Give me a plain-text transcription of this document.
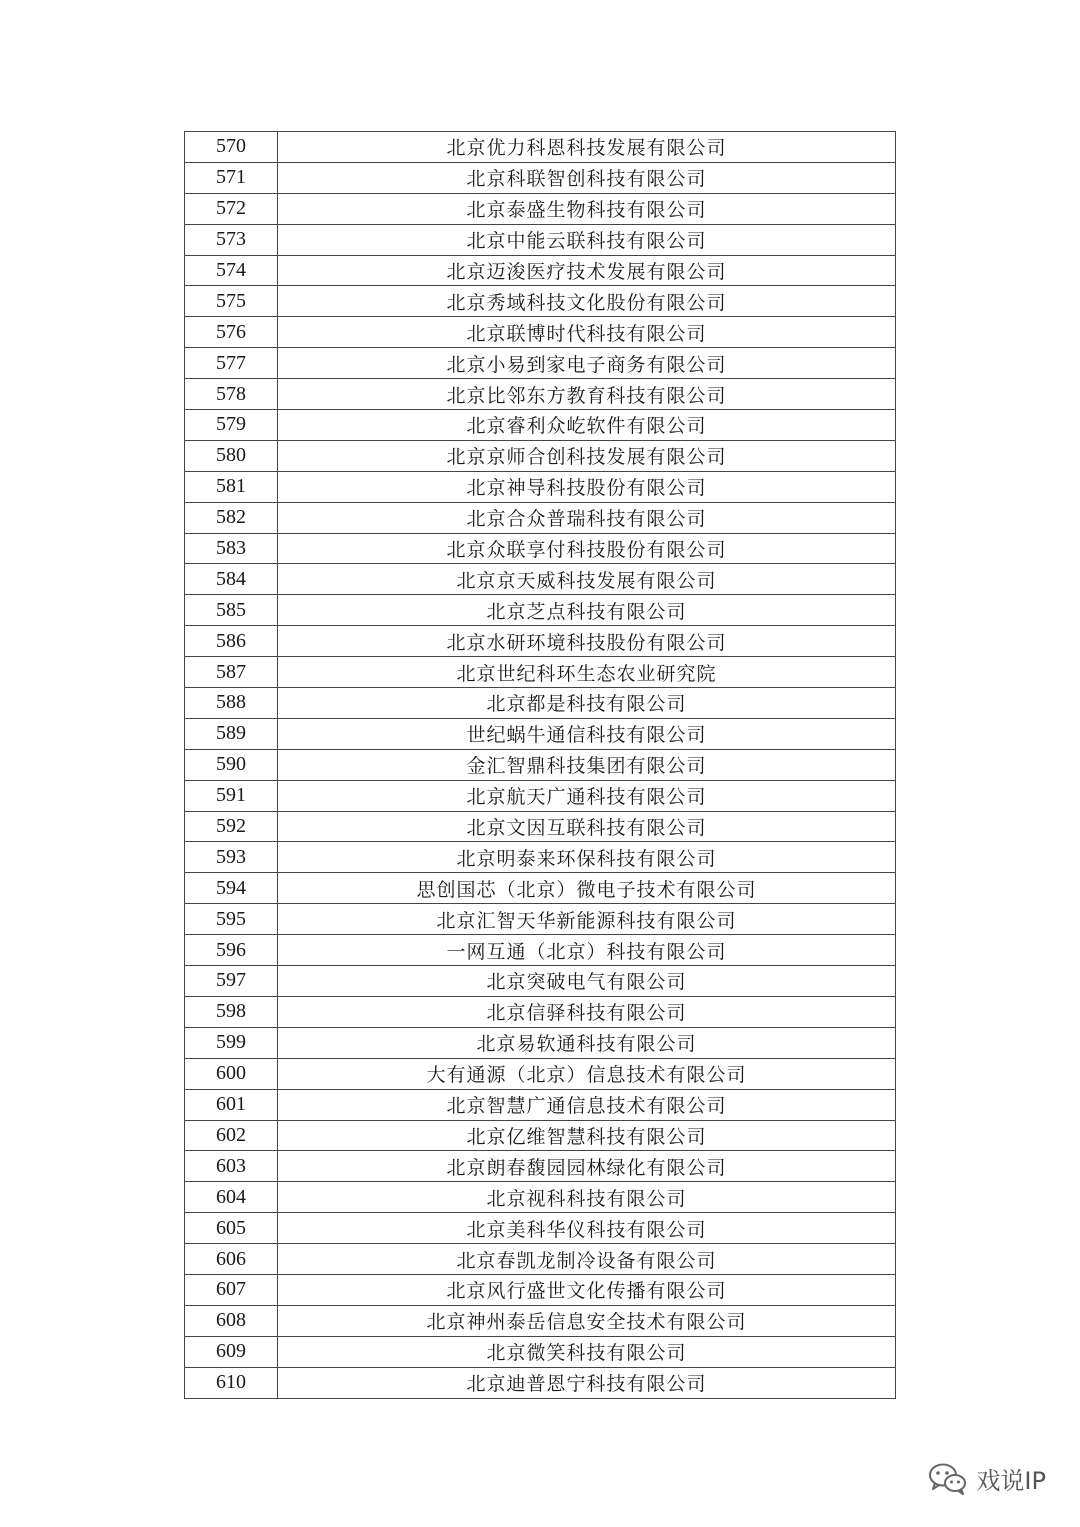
570	北京优力科恩科技发展有限公司
571	北京科联智创科技有限公司
572	北京泰盛生物科技有限公司
573	北京中能云联科技有限公司
574	北京迈浚医疗技术发展有限公司
575	北京秀域科技文化股份有限公司
576	北京联博时代科技有限公司
577	北京小易到家电子商务有限公司
578	北京比邻东方教育科技有限公司
579	北京睿利众屹软件有限公司
580	北京京师合创科技发展有限公司
581	北京神导科技股份有限公司
582	北京合众普瑞科技有限公司
583	北京众联享付科技股份有限公司
584	北京京天威科技发展有限公司
585	北京芝点科技有限公司
586	北京水研环境科技股份有限公司
587	北京世纪科环生态农业研究院
588	北京都是科技有限公司
589	世纪蜗牛通信科技有限公司
590	金汇智鼎科技集团有限公司
591	北京航天广通科技有限公司
592	北京文因互联科技有限公司
593	北京明泰来环保科技有限公司
594	思创国芯（北京）微电子技术有限公司
595	北京汇智天华新能源科技有限公司
596	一网互通（北京）科技有限公司
597	北京突破电气有限公司
598	北京信驿科技有限公司
599	北京易软通科技有限公司
600	大有通源（北京）信息技术有限公司
601	北京智慧广通信息技术有限公司
602	北京亿维智慧科技有限公司
603	北京朗春馥园园林绿化有限公司
604	北京视科科技有限公司
605	北京美科华仪科技有限公司
606	北京春凯龙制冷设备有限公司
607	北京风行盛世文化传播有限公司
608	北京神州泰岳信息安全技术有限公司
609	北京微笑科技有限公司
610	北京迪普恩宁科技有限公司
戏说IP
